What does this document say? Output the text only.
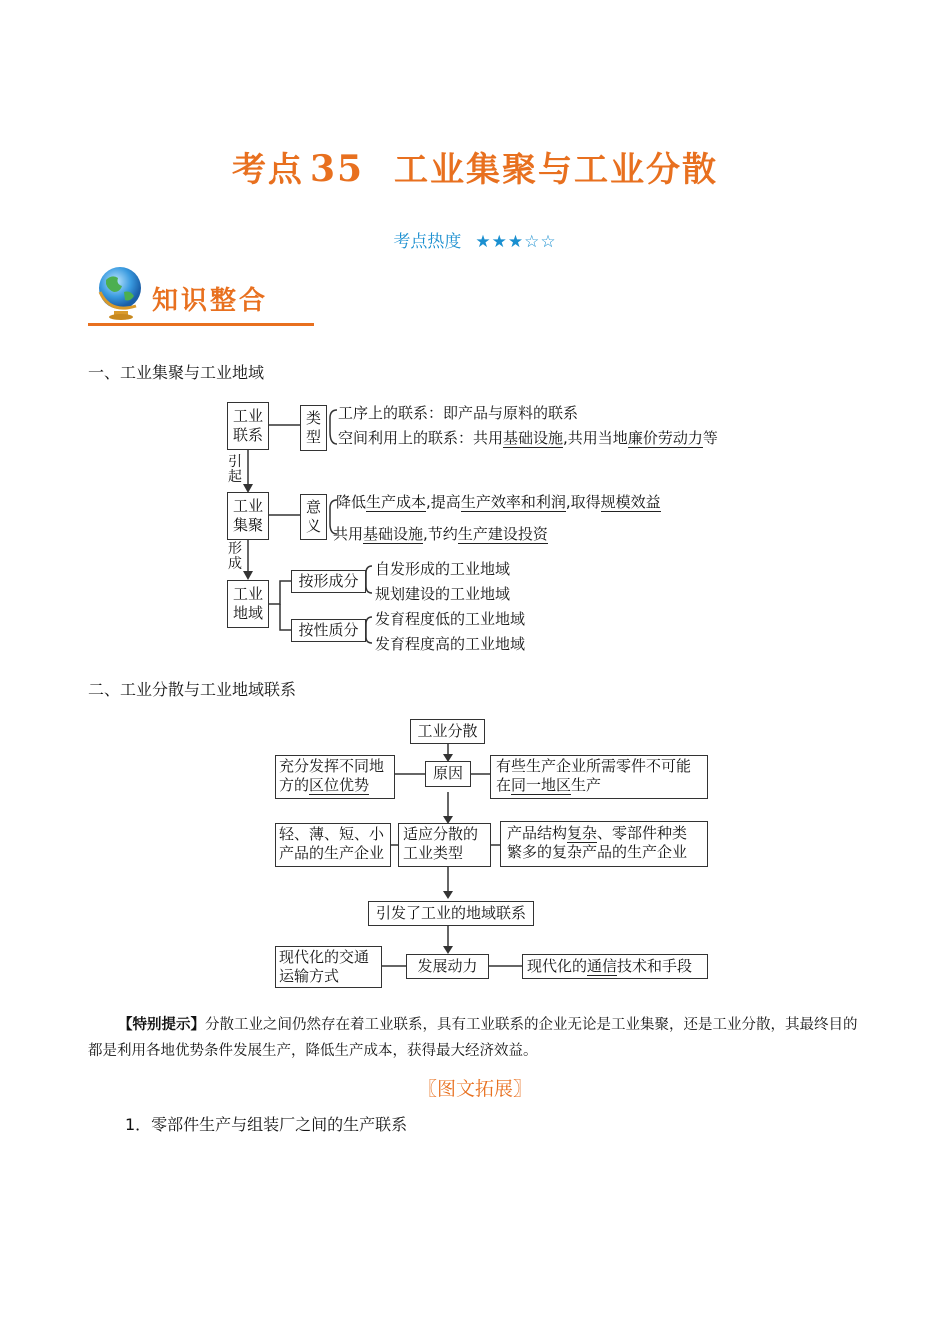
考点 35 工业集聚与工业分散
考点热度 ★★★☆☆
知识整合
一、工业集聚与工业地域
工业联系
引起
工业集聚
形成
工业地域
类型
工序上的联系：即产品与原料的联系
空间利用上的联系：共用基础设施,共用当地廉价劳动力等
意义
降低生产成本,提高生产效率和利润,取得规模效益
共用基础设施,节约生产建设投资
按形成分
自发形成的工业地域
规划建设的工业地域
按性质分
发育程度低的工业地域
发育程度高的工业地域
二、工业分散与工业地域联系
工业分散
充分发挥不同地方的区位优势
原因	有些生产企业所需零件不可能在同一地区生产
轻、薄、短、小产品的生产企业
适应分散的工业类型
产品结构复杂、零部件种类繁多的复杂产品的生产企业
引发了工业的地域联系
现代化的交通运输方式
发展动力	现代化的通信技术和手段
【特别提示】分散工业之间仍然存在着工业联系，具有工业联系的企业无论是工业集聚，还是工业分散，其最终目的都是利用各地优势条件发展生产，降低生产成本，获得最大经济效益。
〖图文拓展〗
1．零部件生产与组装厂之间的生产联系
